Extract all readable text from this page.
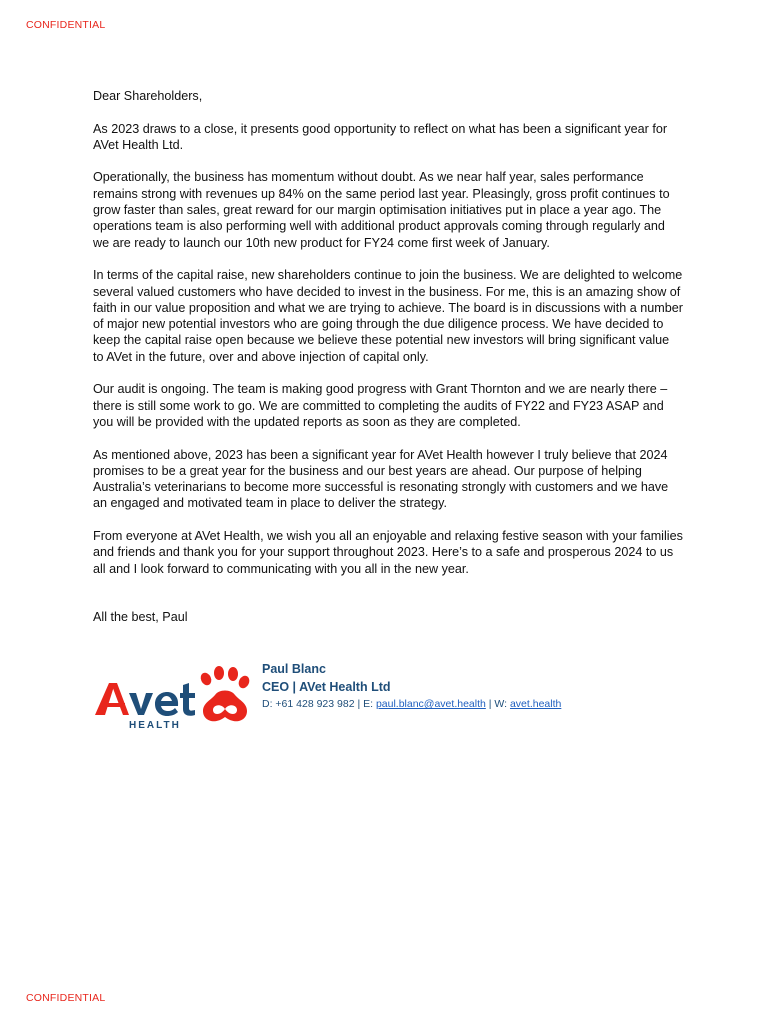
CONFIDENTIAL

Dear Shareholders,

As 2023 draws to a close, it presents good opportunity to reflect on what has been a significant year for AVet Health Ltd.

Operationally, the business has momentum without doubt. As we near half year, sales performance remains strong with revenues up 84% on the same period last year. Pleasingly, gross profit continues to grow faster than sales, great reward for our margin optimisation initiatives put in place a year ago. The operations team is also performing well with additional product approvals coming through regularly and we are ready to launch our 10th new product for FY24 come first week of January.

In terms of the capital raise, new shareholders continue to join the business. We are delighted to welcome several valued customers who have decided to invest in the business. For me, this is an amazing show of faith in our value proposition and what we are trying to achieve. The board is in discussions with a number of major new potential investors who are going through the due diligence process. We have decided to keep the capital raise open because we believe these potential new investors will bring significant value to AVet in the future, over and above injection of capital only.

Our audit is ongoing. The team is making good progress with Grant Thornton and we are nearly there – there is still some work to go. We are committed to completing the audits of FY22 and FY23 ASAP and you will be provided with the updated reports as soon as they are completed.

As mentioned above, 2023 has been a significant year for AVet Health however I truly believe that 2024 promises to be a great year for the business and our best years are ahead. Our purpose of helping Australia’s veterinarians to become more successful is resonating strongly with customers and we have an engaged and motivated team in place to deliver the strategy.

From everyone at AVet Health, we wish you all an enjoyable and relaxing festive season with your families and friends and thank you for your support throughout 2023. Here’s to a safe and prosperous 2024 to us all and I look forward to communicating with you all in the new year.

All the best, Paul
HEALTH
Paul Blanc
CEO | AVet Health Ltd
D: +61 428 923 982 | E: paul.blanc@avet.health | W: avet.health
CONFIDENTIAL
